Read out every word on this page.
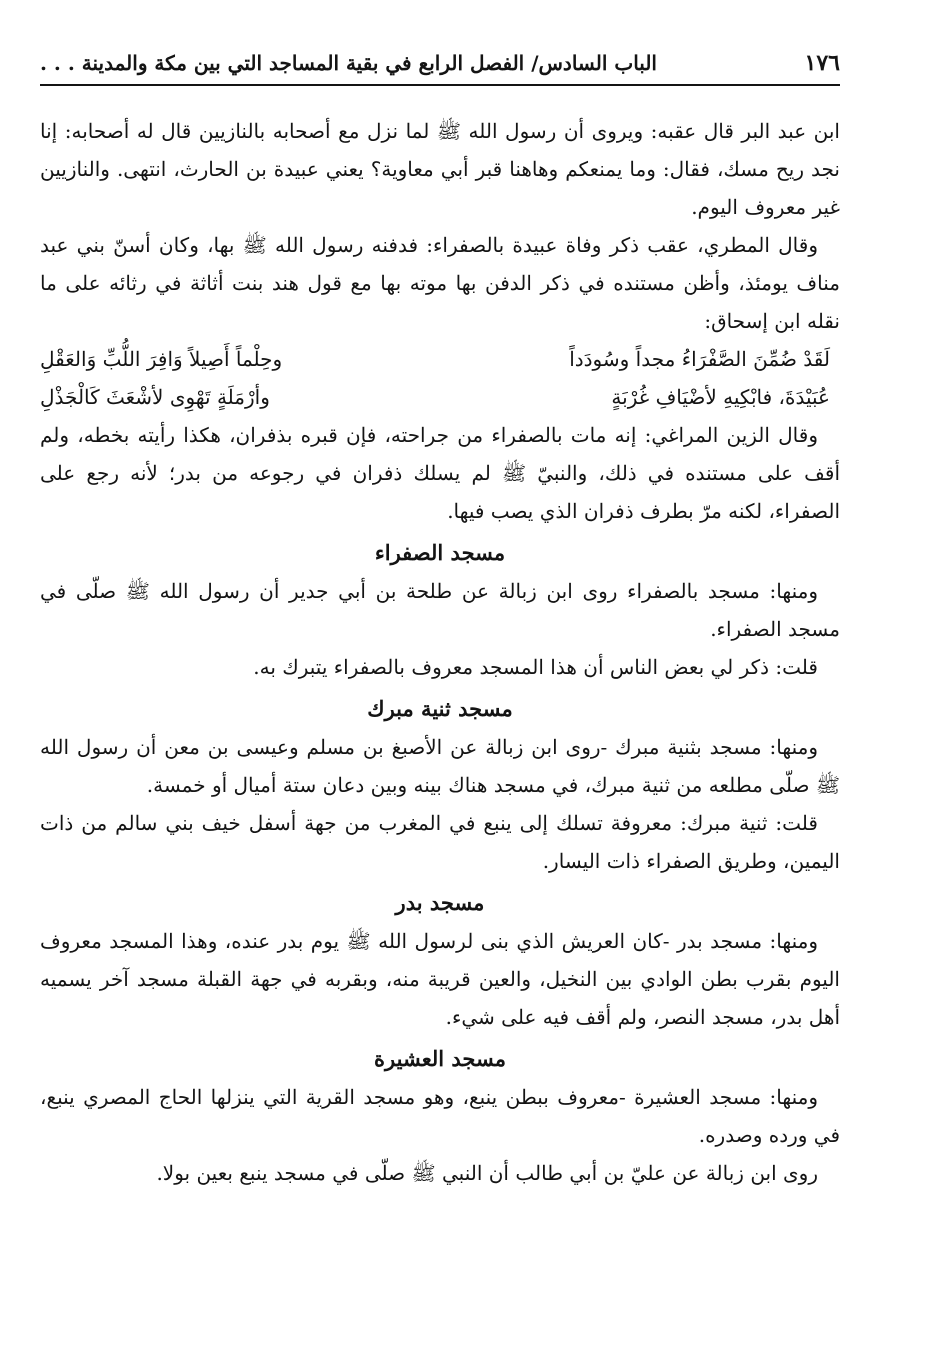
١٧٦
الباب السادس/ الفصل الرابع في بقية المساجد التي بين مكة والمدينة . . .

ابن عبد البر قال عقبه: ويروى أن رسول الله ﷺ لما نزل مع أصحابه بالنازيين قال له أصحابه: إنا نجد ريح مسك، فقال: وما يمنعكم وهاهنا قبر أبي معاوية؟ يعني عبيدة بن الحارث، انتهى. والنازيين غير معروف اليوم.

وقال المطري، عقب ذكر وفاة عبيدة بالصفراء: فدفنه رسول الله ﷺ بها، وكان أسنّ بني عبد مناف يومئذ، وأظن مستنده في ذكر الدفن بها موته بها مع قول هند بنت أثاثة في رثائه على ما نقله ابن إسحاق:

لَقَدْ ضُمِّنَ الصَّفْرَاءُ مجداً وسُودَداً
وحِلْماً أَصِيلاً وَافِرَ اللُّبِّ وَالعَقْلِ
عُبَيْدَةَ، فابْكِيهِ لأضْيَافِ غُرْبَةٍ
وأرْمَلَةٍ تَهْوِى لأشْعَثَ كَالْجَذْلِ

وقال الزين المراغي: إنه مات بالصفراء من جراحته، فإن قبره بذفران، هكذا رأيته بخطه، ولم أقف على مستنده في ذلك، والنبيّ ﷺ لم يسلك ذفران في رجوعه من بدر؛ لأنه رجع على الصفراء، لكنه مرّ بطرف ذفران الذي يصب فيها.

مسجد الصفراء

ومنها: مسجد بالصفراء روى ابن زبالة عن طلحة بن أبي جدير أن رسول الله ﷺ صلّى في مسجد الصفراء.

قلت: ذكر لي بعض الناس أن هذا المسجد معروف بالصفراء يتبرك به.

مسجد ثنية مبرك

ومنها: مسجد بثنية مبرك -روى ابن زبالة عن الأصبغ بن مسلم وعيسى بن معن أن رسول الله ﷺ صلّى مطلعه من ثنية مبرك، في مسجد هناك بينه وبين دعان ستة أميال أو خمسة.

قلت: ثنية مبرك: معروفة تسلك إلى ينبع في المغرب من جهة أسفل خيف بني سالم من ذات اليمين، وطريق الصفراء ذات اليسار.

مسجد بدر

ومنها: مسجد بدر -كان العريش الذي بنى لرسول الله ﷺ يوم بدر عنده، وهذا المسجد معروف اليوم بقرب بطن الوادي بين النخيل، والعين قريبة منه، وبقربه في جهة القبلة مسجد آخر يسميه أهل بدر، مسجد النصر، ولم أقف فيه على شيء.

مسجد العشيرة

ومنها: مسجد العشيرة -معروف ببطن ينبع، وهو مسجد القرية التي ينزلها الحاج المصري ينبع، في ورده وصدره.

روى ابن زبالة عن عليّ بن أبي طالب أن النبي ﷺ صلّى في مسجد ينبع بعين بولا.
